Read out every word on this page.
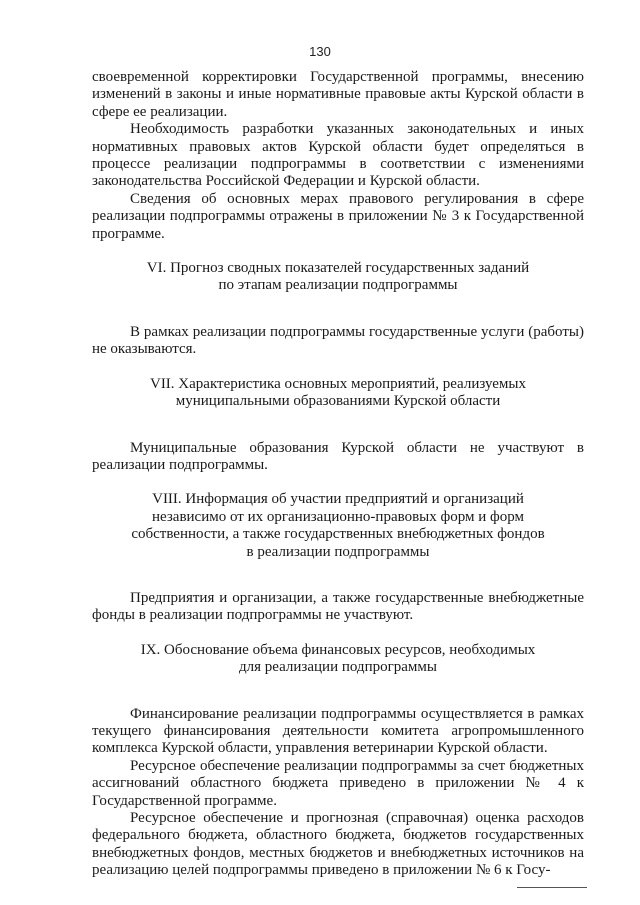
130

своевременной корректировки Государственной программы, внесению изменений в законы и иные нормативные правовые акты Курской области в сфере ее реализации.

Необходимость разработки указанных законодательных и иных нормативных правовых актов Курской области будет определяться в процессе реализации подпрограммы в соответствии с изменениями законодательства Российской Федерации и Курской области.

Сведения об основных мерах правового регулирования в сфере реализации подпрограммы отражены в приложении № 3 к Государственной программе.

VI. Прогноз сводных показателей государственных заданий
по этапам реализации подпрограммы

В рамках реализации подпрограммы государственные услуги (работы) не оказываются.

VII. Характеристика основных мероприятий, реализуемых
муниципальными образованиями Курской области

Муниципальные образования Курской области не участвуют в реализации подпрограммы.

VIII. Информация об участии предприятий и организаций
независимо от их организационно-правовых форм и форм
собственности, а также государственных внебюджетных фондов
в реализации подпрограммы

Предприятия и организации, а также государственные внебюджетные фонды в реализации подпрограммы не участвуют.

IX. Обоснование объема финансовых ресурсов, необходимых
для реализации подпрограммы

Финансирование реализации подпрограммы осуществляется в рамках текущего финансирования деятельности комитета агропромышленного комплекса Курской области, управления ветеринарии Курской области.

Ресурсное обеспечение реализации подпрограммы за счет бюджетных ассигнований областного бюджета приведено в приложении № 4 к Государственной программе.

Ресурсное обеспечение и прогнозная (справочная) оценка расходов федерального бюджета, областного бюджета, бюджетов государственных внебюджетных фондов, местных бюджетов и внебюджетных источников на реализацию целей подпрограммы приведено в приложении № 6 к Госу-
